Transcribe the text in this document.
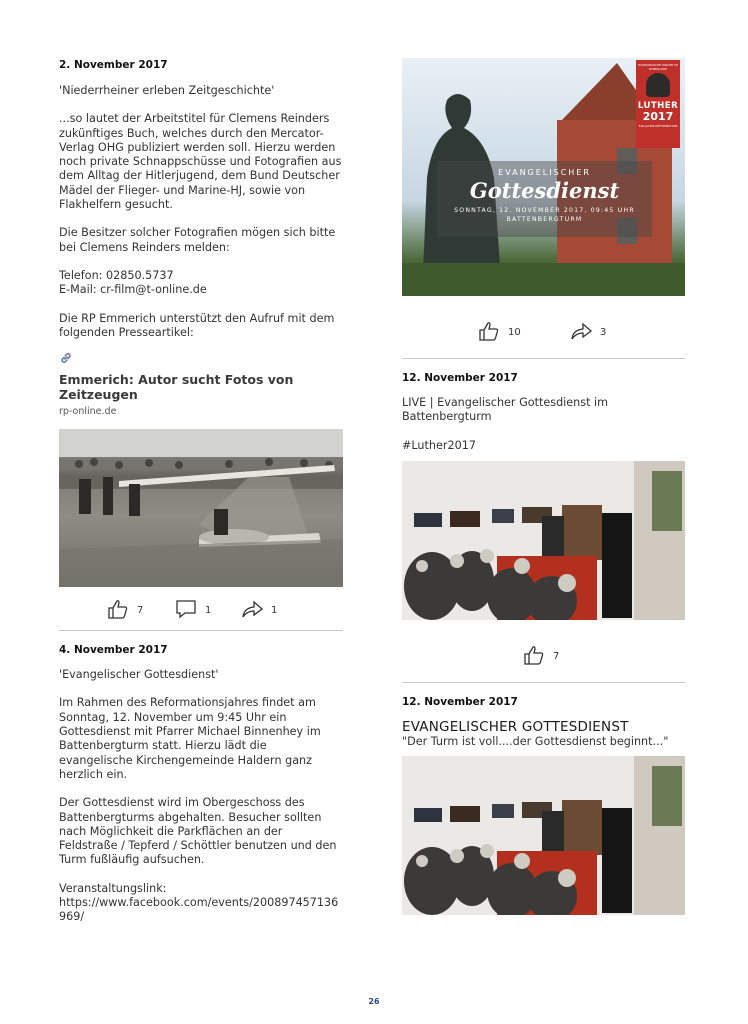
2. November 2017

'Niederrheiner erleben Zeitgeschichte'

...so lautet der Arbeitstitel für Clemens Reinders zukünftiges Buch, welches durch den Mercator-Verlag OHG publiziert werden soll. Hierzu werden noch private Schnappschüsse und Fotografien aus dem Alltag der Hitlerjugend, dem Bund Deutscher Mädel der Flieger- und Marine-HJ, sowie von Flakhelfern gesucht.

Die Besitzer solcher Fotografien mögen sich bitte bei Clemens Reinders melden:

Telefon: 02850.5737

E-Mail: cr-film@t-online.de

Die RP Emmerich unterstützt den Aufruf mit dem folgenden Presseartikel:

Emmerich: Autor sucht Fotos von Zeitzeugen
rp-online.de
7	1	1
4. November 2017

'Evangelischer Gottesdienst'

Im Rahmen des Reformationsjahres findet am Sonntag, 12. November um 9:45 Uhr ein Gottesdienst mit Pfarrer Michael Binnenhey im Battenbergturm statt. Hierzu lädt die evangelische Kirchengemeinde Haldern ganz herzlich ein.

Der Gottesdienst wird im Obergeschoss des Battenbergturms abgehalten. Besucher sollten nach Möglichkeit die Parkflächen an der Feldstraße / Tepferd / Schöttler benutzen und den Turm fußläufig aufsuchen.

Veranstaltungslink:

https://www.facebook.com/events/200897457136969/

EVANGELISCHER
Gottesdienst
SONNTAG, 12. NOVEMBER 2017, 09:45 UHR
BATTENBERGTURM
EVANGELISCHE KIRCHE IM RHEINLAND
LUTHER
2017
500 JAHRE REFORMATION
10	3
12. November 2017

LIVE | Evangelischer Gottesdienst im Battenbergturm

#Luther2017

7
12. November 2017
EVANGELISCHER GOTTESDIENST

"Der Turm ist voll....der Gottesdienst beginnt..."

26
